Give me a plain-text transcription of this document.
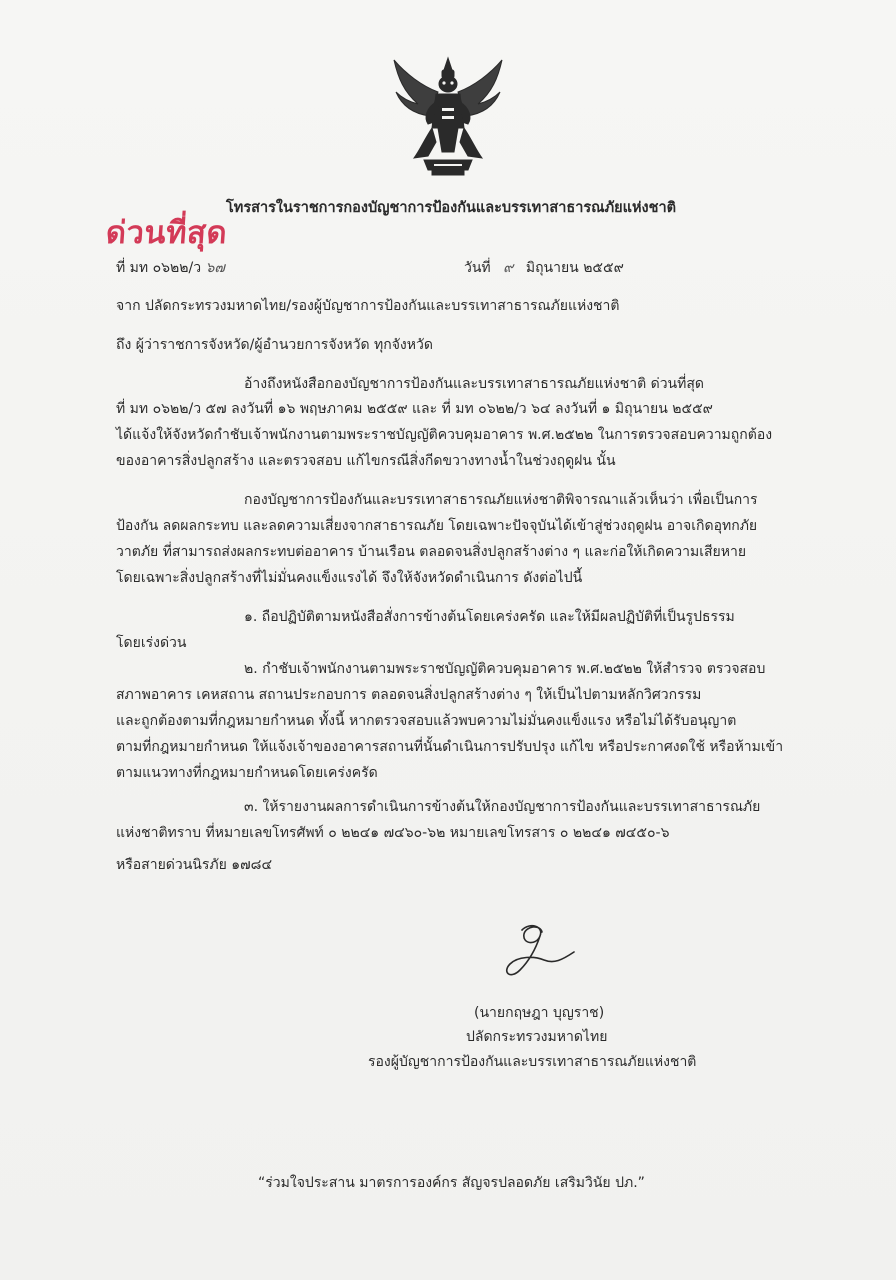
โทรสารในราชการกองบัญชาการป้องกันและบรรเทาสาธารณภัยแห่งชาติ
ด่วนที่สุด
ที่ มท ๐๖๒๒/ว ๖๗	วันที่ ๙ มิถุนายน ๒๕๕๙
จาก ปลัดกระทรวงมหาดไทย/รองผู้บัญชาการป้องกันและบรรเทาสาธารณภัยแห่งชาติ
ถึง ผู้ว่าราชการจังหวัด/ผู้อำนวยการจังหวัด ทุกจังหวัด
อ้างถึงหนังสือกองบัญชาการป้องกันและบรรเทาสาธารณภัยแห่งชาติ ด่วนที่สุด
ที่ มท ๐๖๒๒/ว ๕๗ ลงวันที่ ๑๖ พฤษภาคม ๒๕๕๙ และ ที่ มท ๐๖๒๒/ว ๖๔ ลงวันที่ ๑ มิถุนายน ๒๕๕๙
ได้แจ้งให้จังหวัดกำชับเจ้าพนักงานตามพระราชบัญญัติควบคุมอาคาร พ.ศ.๒๕๒๒ ในการตรวจสอบความถูกต้อง
ของอาคารสิ่งปลูกสร้าง และตรวจสอบ แก้ไขกรณีสิ่งกีดขวางทางน้ำในช่วงฤดูฝน นั้น
กองบัญชาการป้องกันและบรรเทาสาธารณภัยแห่งชาติพิจารณาแล้วเห็นว่า เพื่อเป็นการ
ป้องกัน ลดผลกระทบ และลดความเสี่ยงจากสาธารณภัย โดยเฉพาะปัจจุบันได้เข้าสู่ช่วงฤดูฝน อาจเกิดอุทกภัย
วาตภัย ที่สามารถส่งผลกระทบต่ออาคาร บ้านเรือน ตลอดจนสิ่งปลูกสร้างต่าง ๆ และก่อให้เกิดความเสียหาย
โดยเฉพาะสิ่งปลูกสร้างที่ไม่มั่นคงแข็งแรงได้ จึงให้จังหวัดดำเนินการ ดังต่อไปนี้
๑. ถือปฏิบัติตามหนังสือสั่งการข้างต้นโดยเคร่งครัด และให้มีผลปฏิบัติที่เป็นรูปธรรม
โดยเร่งด่วน
๒. กำชับเจ้าพนักงานตามพระราชบัญญัติควบคุมอาคาร พ.ศ.๒๕๒๒ ให้สำรวจ ตรวจสอบ
สภาพอาคาร เคหสถาน สถานประกอบการ ตลอดจนสิ่งปลูกสร้างต่าง ๆ ให้เป็นไปตามหลักวิศวกรรม
และถูกต้องตามที่กฎหมายกำหนด ทั้งนี้ หากตรวจสอบแล้วพบความไม่มั่นคงแข็งแรง หรือไม่ได้รับอนุญาต
ตามที่กฎหมายกำหนด ให้แจ้งเจ้าของอาคารสถานที่นั้นดำเนินการปรับปรุง แก้ไข หรือประกาศงดใช้ หรือห้ามเข้า
ตามแนวทางที่กฎหมายกำหนดโดยเคร่งครัด
๓. ให้รายงานผลการดำเนินการข้างต้นให้กองบัญชาการป้องกันและบรรเทาสาธารณภัย
แห่งชาติทราบ ที่หมายเลขโทรศัพท์ ๐ ๒๒๔๑ ๗๔๖๐-๖๒ หมายเลขโทรสาร ๐ ๒๒๔๑ ๗๔๕๐-๖
หรือสายด่วนนิรภัย ๑๗๘๔
(นายกฤษฎา บุญราช)
ปลัดกระทรวงมหาดไทย
รองผู้บัญชาการป้องกันและบรรเทาสาธารณภัยแห่งชาติ
“ร่วมใจประสาน มาตรการองค์กร สัญจรปลอดภัย เสริมวินัย ปภ.”
